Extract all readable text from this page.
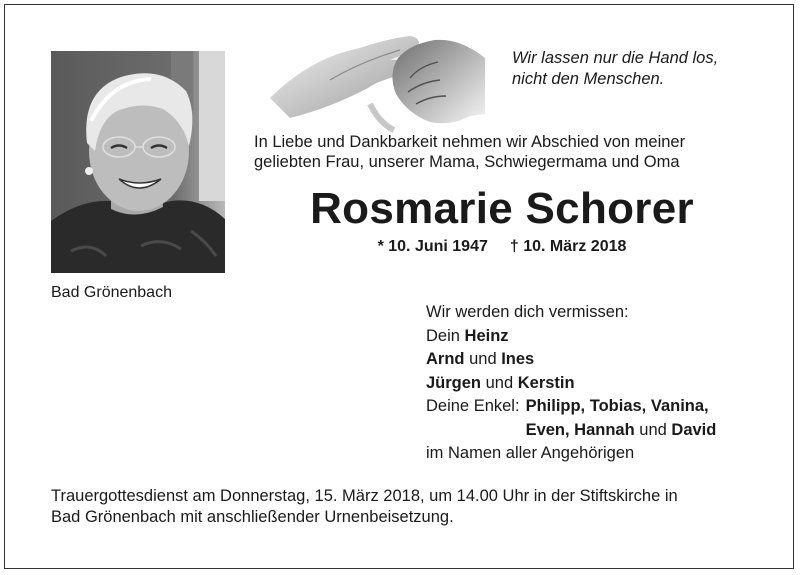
Bad Grönenbach
Wir lassen nur die Hand los,
nicht den Menschen.
In Liebe und Dankbarkeit nehmen wir Abschied von meiner
geliebten Frau, unserer Mama, Schwiegermama und Oma
Rosmarie Schorer
* 10. Juni 1947 † 10. März 2018
Wir werden dich vermissen:
Dein Heinz
Arnd und Ines
Jürgen und Kerstin
Deine Enkel: Philipp, Tobias, Vanina,
Even, Hannah und David
im Namen aller Angehörigen
Trauergottesdienst am Donnerstag, 15. März 2018, um 14.00 Uhr in der Stiftskirche in
Bad Grönenbach mit anschließender Urnenbeisetzung.
